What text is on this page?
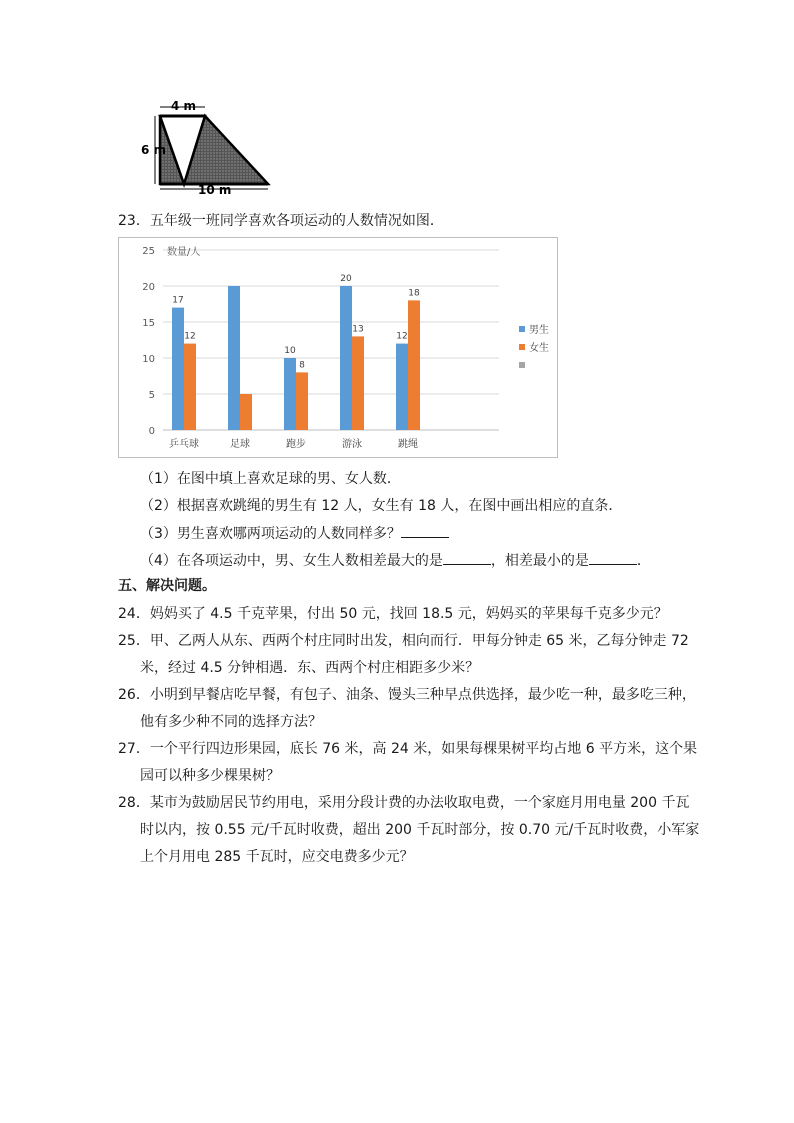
4 m
6 m
10 m
23．五年级一班同学喜欢各项运动的人数情况如图．
0
5
10
15
20
25
17
12
乒乓球	足球
10
8
跑步
20
13
游泳
12
18
跳绳
数量/人
男生
女生
（1）在图中填上喜欢足球的男、女人数．
（2）根据喜欢跳绳的男生有 12 人，女生有 18 人，在图中画出相应的直条．
（3）男生喜欢哪两项运动的人数同样多？
（4）在各项运动中，男、女生人数相差最大的是	，相差最小的是	．
五、解决问题。
24．妈妈买了 4.5 千克苹果，付出 50 元，找回 18.5 元，妈妈买的苹果每千克多少元？
25．甲、乙两人从东、西两个村庄同时出发，相向而行．甲每分钟走 65 米，乙每分钟走 72
米，经过 4.5 分钟相遇．东、西两个村庄相距多少米？
26．小明到早餐店吃早餐，有包子、油条、馒头三种早点供选择，最少吃一种，最多吃三种，
他有多少种不同的选择方法？
27．一个平行四边形果园，底长 76 米，高 24 米，如果每棵果树平均占地 6 平方米，这个果
园可以种多少棵果树？
28．某市为鼓励居民节约用电，采用分段计费的办法收取电费，一个家庭月用电量 200 千瓦
时以内，按 0.55 元/千瓦时收费，超出 200 千瓦时部分，按 0.70 元/千瓦时收费，小军家
上个月用电 285 千瓦时，应交电费多少元？
